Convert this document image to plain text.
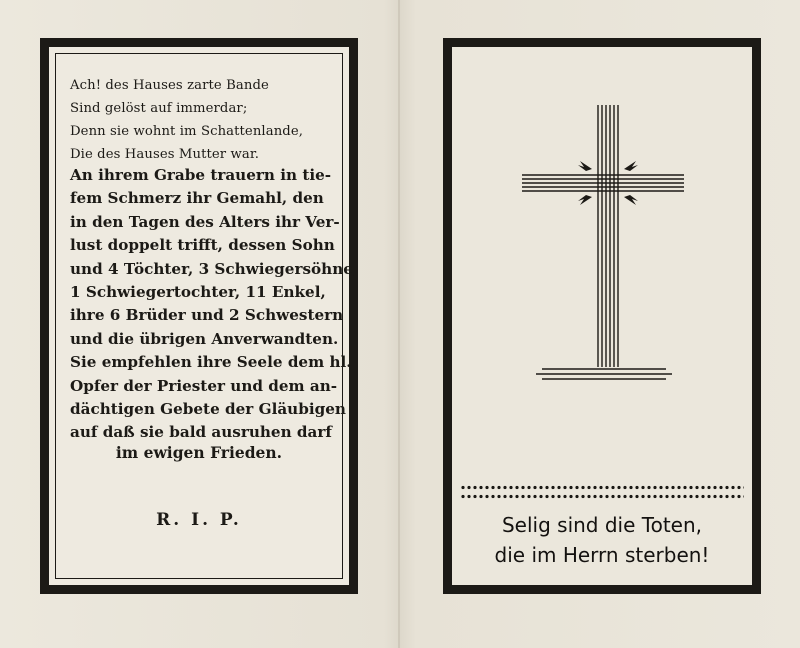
Ach! des Hauses zarte Bande
Sind gelöst auf immerdar;
Denn sie wohnt im Schattenlande,
Die des Hauses Mutter war.
An ihrem Grabe trauern in tie-
fem Schmerz ihr Gemahl, den
in den Tagen des Alters ihr Ver-
lust doppelt trifft, dessen Sohn
und 4 Töchter, 3 Schwiegersöhne,
1 Schwiegertochter, 11 Enkel,
ihre 6 Brüder und 2 Schwestern
und die übrigen Anverwandten.
Sie empfehlen ihre Seele dem hl.
Opfer der Priester und dem an-
dächtigen Gebete der Gläubigen
auf daß sie bald ausruhen darf
im ewigen Frieden.
R. I. P.	Selig sind die Toten,
die im Herrn sterben!
